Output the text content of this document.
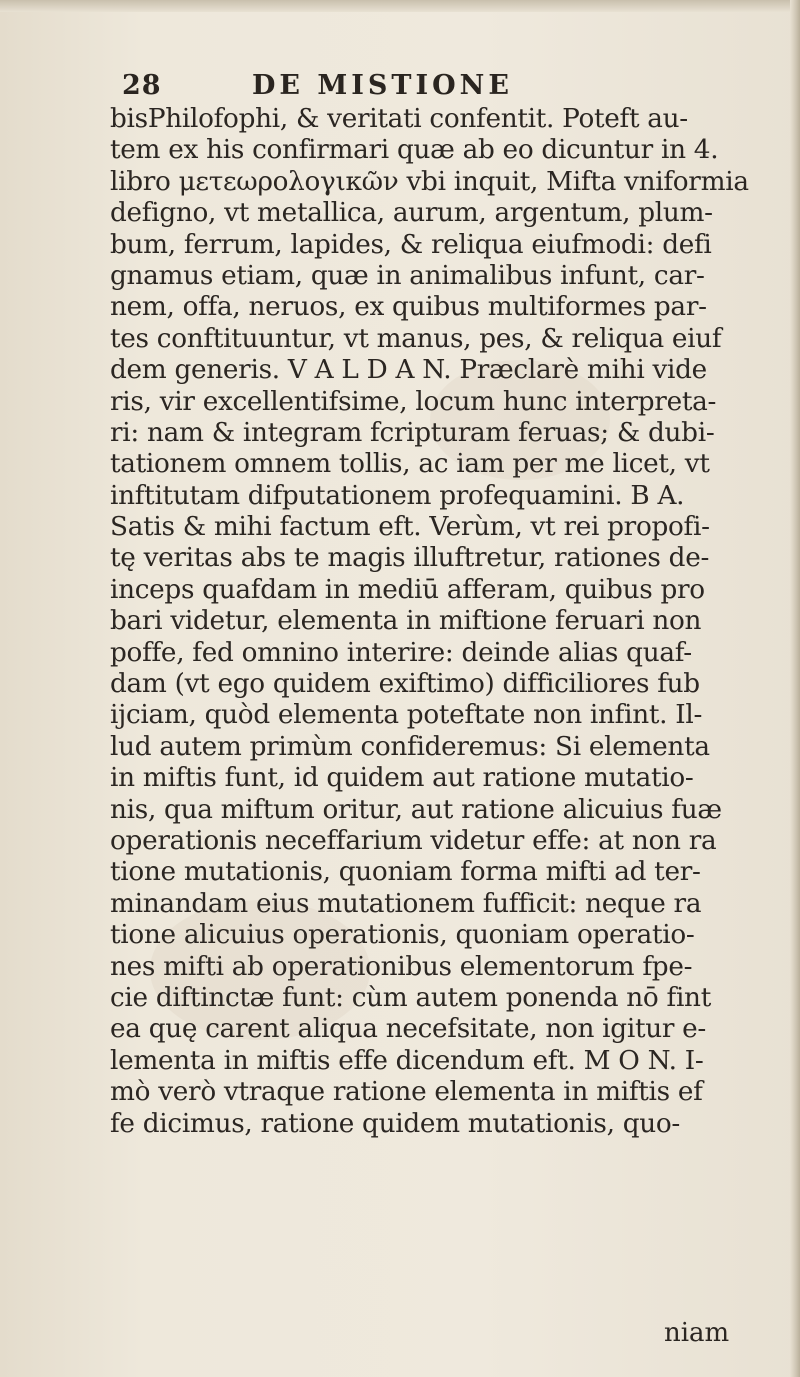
28	DE MISTIONE
bisPhilofophi, & veritati confentit. Poteft au-
tem ex his confirmari quæ ab eo dicuntur in 4.
libro μετεωρολογικῶν vbi inquit, Mifta vniformia
defigno, vt metallica, aurum, argentum, plum-
bum, ferrum, lapides, & reliqua eiufmodi: defi
gnamus etiam, quæ in animalibus infunt, car-
nem, offa, neruos, ex quibus multiformes par-
tes conftituuntur, vt manus, pes, & reliqua eiuf
dem generis. V A L D A N. Præclarè mihi vide
ris, vir excellentifsime, locum hunc interpreta-
ri: nam & integram fcripturam feruas; & dubi-
tationem omnem tollis, ac iam per me licet, vt
inftitutam difputationem profequamini. B A.
Satis & mihi factum eft. Verùm, vt rei propofi-
tę veritas abs te magis illuftretur, rationes de-
inceps quafdam in mediū afferam, quibus pro
bari videtur, elementa in miftione feruari non
poffe, fed omnino interire: deinde alias quaf-
dam (vt ego quidem exiftimo) difficiliores fub
ijciam, quòd elementa poteftate non infint. Il-
lud autem primùm confideremus: Si elementa
in miftis funt, id quidem aut ratione mutatio-
nis, qua miftum oritur, aut ratione alicuius fuæ
operationis neceffarium videtur effe: at non ra
tione mutationis, quoniam forma mifti ad ter-
minandam eius mutationem fufficit: neque ra
tione alicuius operationis, quoniam operatio-
nes mifti ab operationibus elementorum fpe-
cie diftinctæ funt: cùm autem ponenda nō fint
ea quę carent aliqua necefsitate, non igitur e-
lementa in miftis effe dicendum eft. M O N. I-
mò verò vtraque ratione elementa in miftis ef
fe dicimus, ratione quidem mutationis, quo-
niam
